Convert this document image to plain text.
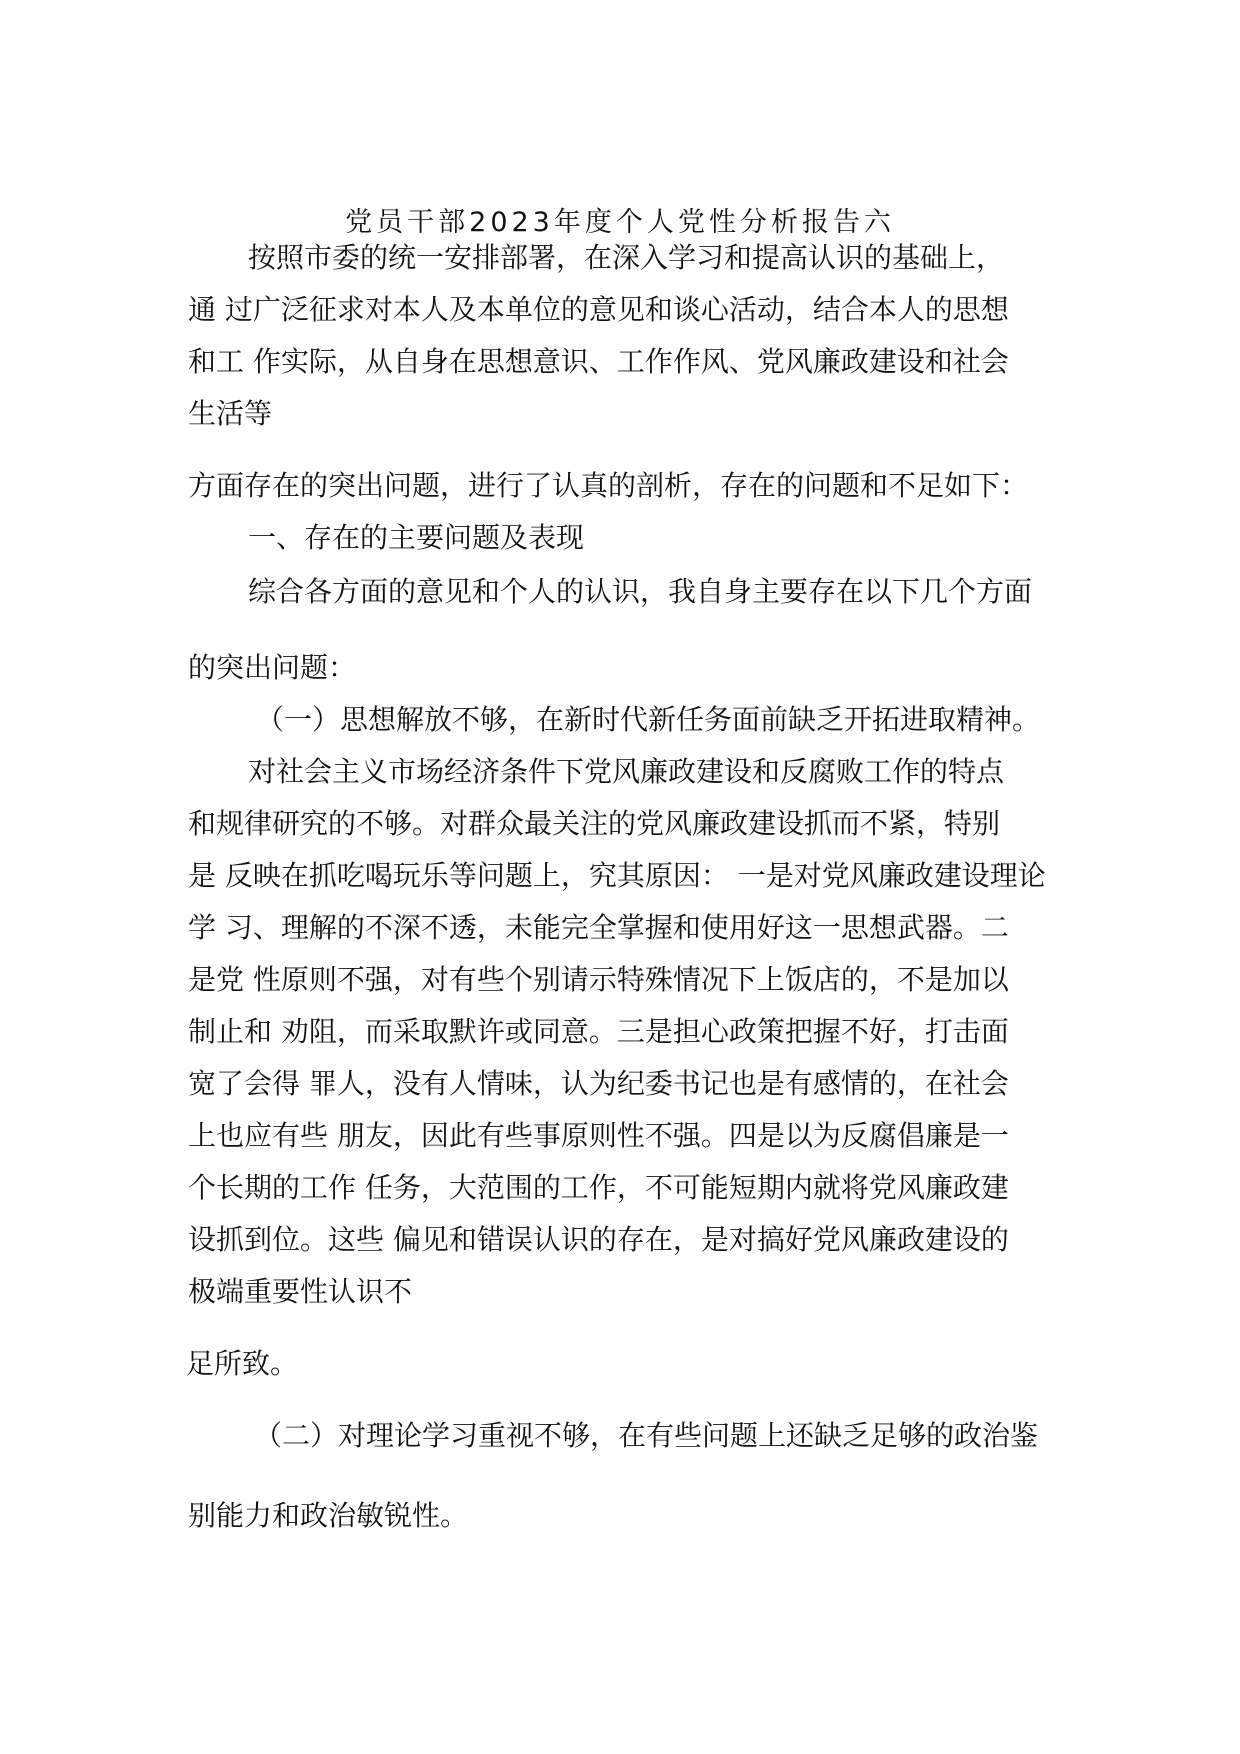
党员干部2023年度个人党性分析报告六
按照市委的统一安排部署，在深入学习和提高认识的基础上，
通 过广泛征求对本人及本单位的意见和谈心活动，结合本人的思想
和工 作实际，从自身在思想意识、工作作风、党风廉政建设和社会
生活等
方面存在的突出问题，进行了认真的剖析，存在的问题和不足如下：
一、存在的主要问题及表现
综合各方面的意见和个人的认识，我自身主要存在以下几个方面
的突出问题：
（一）思想解放不够，在新时代新任务面前缺乏开拓进取精神。
对社会主义市场经济条件下党风廉政建设和反腐败工作的特点
和规律研究的不够。对群众最关注的党风廉政建设抓而不紧，特别
是 反映在抓吃喝玩乐等问题上，究其原因： 一是对党风廉政建设理论
学 习、理解的不深不透，未能完全掌握和使用好这一思想武器。二
是党 性原则不强，对有些个别请示特殊情况下上饭店的，不是加以
制止和 劝阻，而采取默许或同意。三是担心政策把握不好，打击面
宽了会得 罪人，没有人情味，认为纪委书记也是有感情的，在社会
上也应有些 朋友，因此有些事原则性不强。四是以为反腐倡廉是一
个长期的工作 任务，大范围的工作，不可能短期内就将党风廉政建
设抓到位。这些 偏见和错误认识的存在，是对搞好党风廉政建设的
极端重要性认识不
足所致。
（二）对理论学习重视不够，在有些问题上还缺乏足够的政治鉴
别能力和政治敏锐性。
